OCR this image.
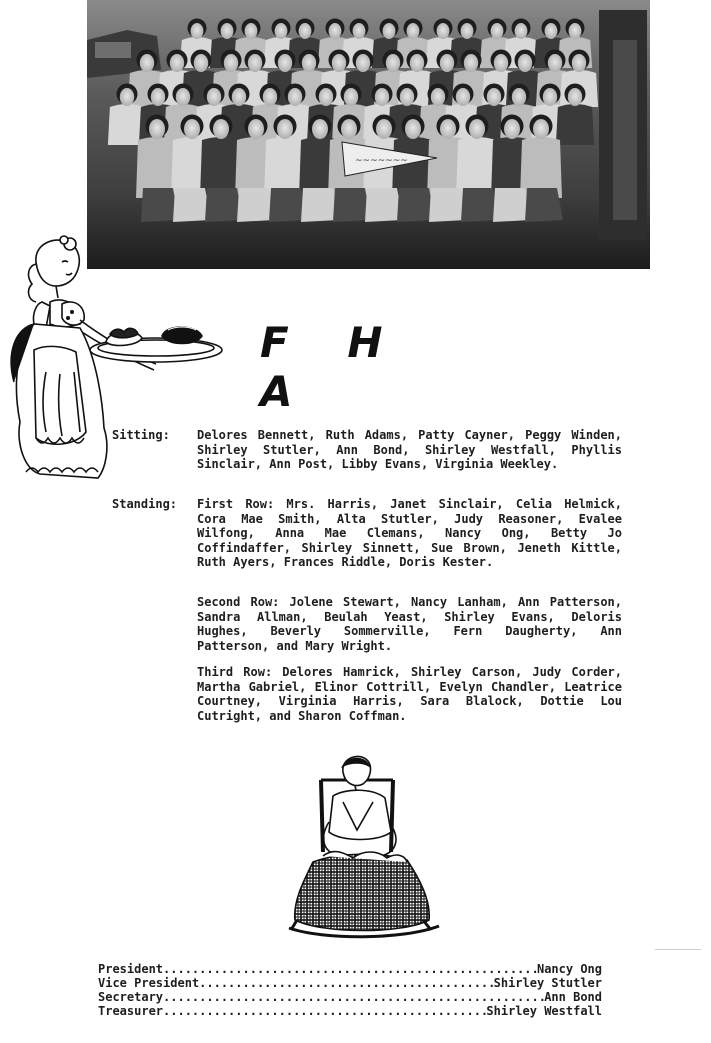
~~~~~~~
F H A
Sitting: Delores Bennett, Ruth Adams, Patty Cayner, Peggy Winden, Shirley Stutler, Ann Bond, Shirley Westfall, Phyllis Sinclair, Ann Post, Libby Evans, Virginia Weekley.
Standing: First Row: Mrs. Harris, Janet Sinclair, Celia Helmick, Cora Mae Smith, Alta Stutler, Judy Reasoner, Evalee Wilfong, Anna Mae Clemans, Nancy Ong, Betty Jo Coffindaffer, Shirley Sinnett, Sue Brown, Jeneth Kittle, Ruth Ayers, Frances Riddle, Doris Kester.
Second Row: Jolene Stewart, Nancy Lanham, Ann Patterson, Sandra Allman, Beulah Yeast, Shirley Evans, Deloris Hughes, Beverly Sommerville, Fern Daugherty, Ann Patterson, and Mary Wright.
Third Row: Delores Hamrick, Shirley Carson, Judy Corder, Martha Gabriel, Elinor Cottrill, Evelyn Chandler, Leatrice Courtney, Virginia Harris, Sara Blalock, Dottie Lou Cutright, and Sharon Coffman.
President .....	Nancy Ong
Vice President .....	Shirley Stutler
Secretary .....	Ann Bond
Treasurer .....	Shirley Westfall
